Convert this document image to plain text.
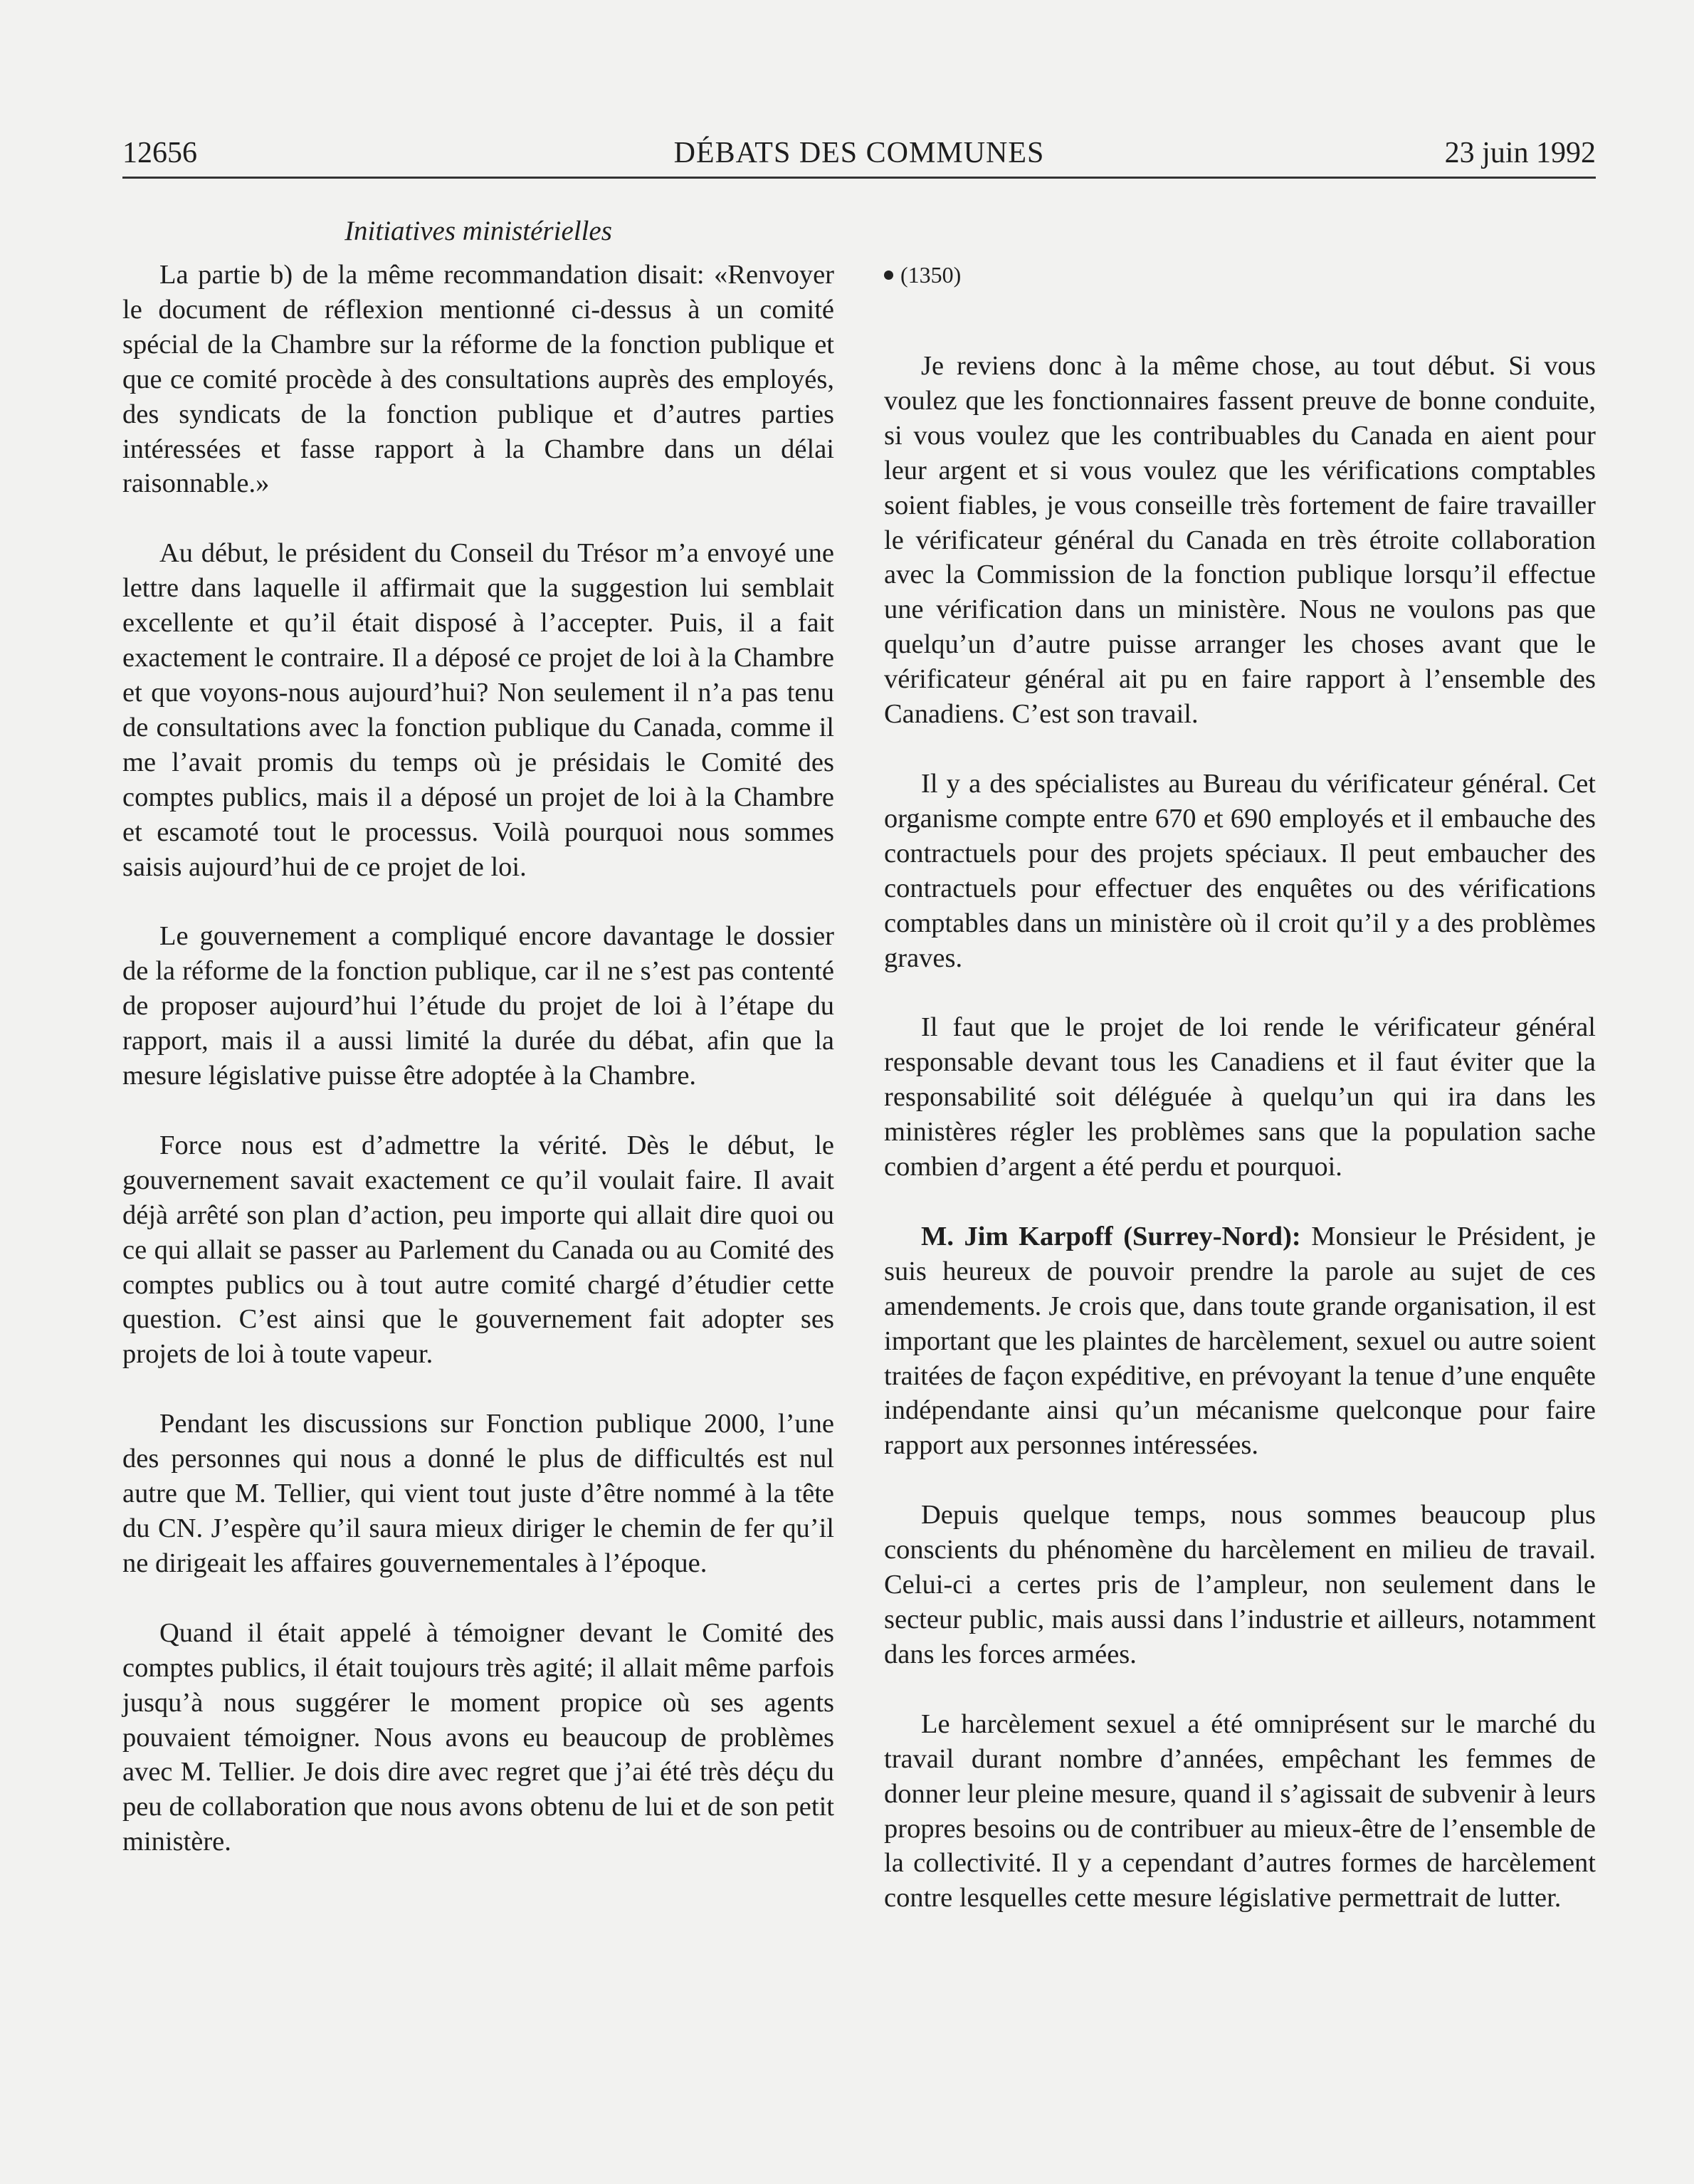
12656	DÉBATS DES COMMUNES	23 juin 1992
Initiatives ministérielles

La partie b) de la même recommandation disait: «Renvoyer le document de réflexion mentionné ci-dessus à un comité spécial de la Chambre sur la réforme de la fonction publique et que ce comité procède à des consultations auprès des employés, des syndicats de la fonction publique et d’autres parties intéressées et fasse rapport à la Chambre dans un délai raisonnable.»

Au début, le président du Conseil du Trésor m’a envoyé une lettre dans laquelle il affirmait que la suggestion lui semblait excellente et qu’il était disposé à l’accepter. Puis, il a fait exactement le contraire. Il a déposé ce projet de loi à la Chambre et que voyons-nous aujourd’hui? Non seulement il n’a pas tenu de consultations avec la fonction publique du Canada, comme il me l’avait promis du temps où je présidais le Comité des comptes publics, mais il a déposé un projet de loi à la Chambre et escamoté tout le processus. Voilà pourquoi nous sommes saisis aujourd’hui de ce projet de loi.

Le gouvernement a compliqué encore davantage le dossier de la réforme de la fonction publique, car il ne s’est pas contenté de proposer aujourd’hui l’étude du projet de loi à l’étape du rapport, mais il a aussi limité la durée du débat, afin que la mesure législative puisse être adoptée à la Chambre.

Force nous est d’admettre la vérité. Dès le début, le gouvernement savait exactement ce qu’il voulait faire. Il avait déjà arrêté son plan d’action, peu importe qui allait dire quoi ou ce qui allait se passer au Parlement du Canada ou au Comité des comptes publics ou à tout autre comité chargé d’étudier cette question. C’est ainsi que le gouvernement fait adopter ses projets de loi à toute vapeur.

Pendant les discussions sur Fonction publique 2000, l’une des personnes qui nous a donné le plus de difficultés est nul autre que M. Tellier, qui vient tout juste d’être nommé à la tête du CN. J’espère qu’il saura mieux diriger le chemin de fer qu’il ne dirigeait les affaires gouvernementales à l’époque.

Quand il était appelé à témoigner devant le Comité des comptes publics, il était toujours très agité; il allait même parfois jusqu’à nous suggérer le moment propice où ses agents pouvaient témoigner. Nous avons eu beaucoup de problèmes avec M. Tellier. Je dois dire avec regret que j’ai été très déçu du peu de collaboration que nous avons obtenu de lui et de son petit ministère.

(1350)

Je reviens donc à la même chose, au tout début. Si vous voulez que les fonctionnaires fassent preuve de bonne conduite, si vous voulez que les contribuables du Canada en aient pour leur argent et si vous voulez que les vérifications comptables soient fiables, je vous conseille très fortement de faire travailler le vérificateur général du Canada en très étroite collaboration avec la Commission de la fonction publique lorsqu’il effectue une vérification dans un ministère. Nous ne voulons pas que quelqu’un d’autre puisse arranger les choses avant que le vérificateur général ait pu en faire rapport à l’ensemble des Canadiens. C’est son travail.

Il y a des spécialistes au Bureau du vérificateur général. Cet organisme compte entre 670 et 690 employés et il embauche des contractuels pour des projets spéciaux. Il peut embaucher des contractuels pour effectuer des enquêtes ou des vérifications comptables dans un ministère où il croit qu’il y a des problèmes graves.

Il faut que le projet de loi rende le vérificateur général responsable devant tous les Canadiens et il faut éviter que la responsabilité soit déléguée à quelqu’un qui ira dans les ministères régler les problèmes sans que la population sache combien d’argent a été perdu et pourquoi.

M. Jim Karpoff (Surrey-Nord): Monsieur le Président, je suis heureux de pouvoir prendre la parole au sujet de ces amendements. Je crois que, dans toute grande organisation, il est important que les plaintes de harcèlement, sexuel ou autre soient traitées de façon expéditive, en prévoyant la tenue d’une enquête indépendante ainsi qu’un mécanisme quelconque pour faire rapport aux personnes intéressées.

Depuis quelque temps, nous sommes beaucoup plus conscients du phénomène du harcèlement en milieu de travail. Celui-ci a certes pris de l’ampleur, non seulement dans le secteur public, mais aussi dans l’industrie et ailleurs, notamment dans les forces armées.

Le harcèlement sexuel a été omniprésent sur le marché du travail durant nombre d’années, empêchant les femmes de donner leur pleine mesure, quand il s’agissait de subvenir à leurs propres besoins ou de contribuer au mieux-être de l’ensemble de la collectivité. Il y a cependant d’autres formes de harcèlement contre lesquelles cette mesure législative permettrait de lutter.
